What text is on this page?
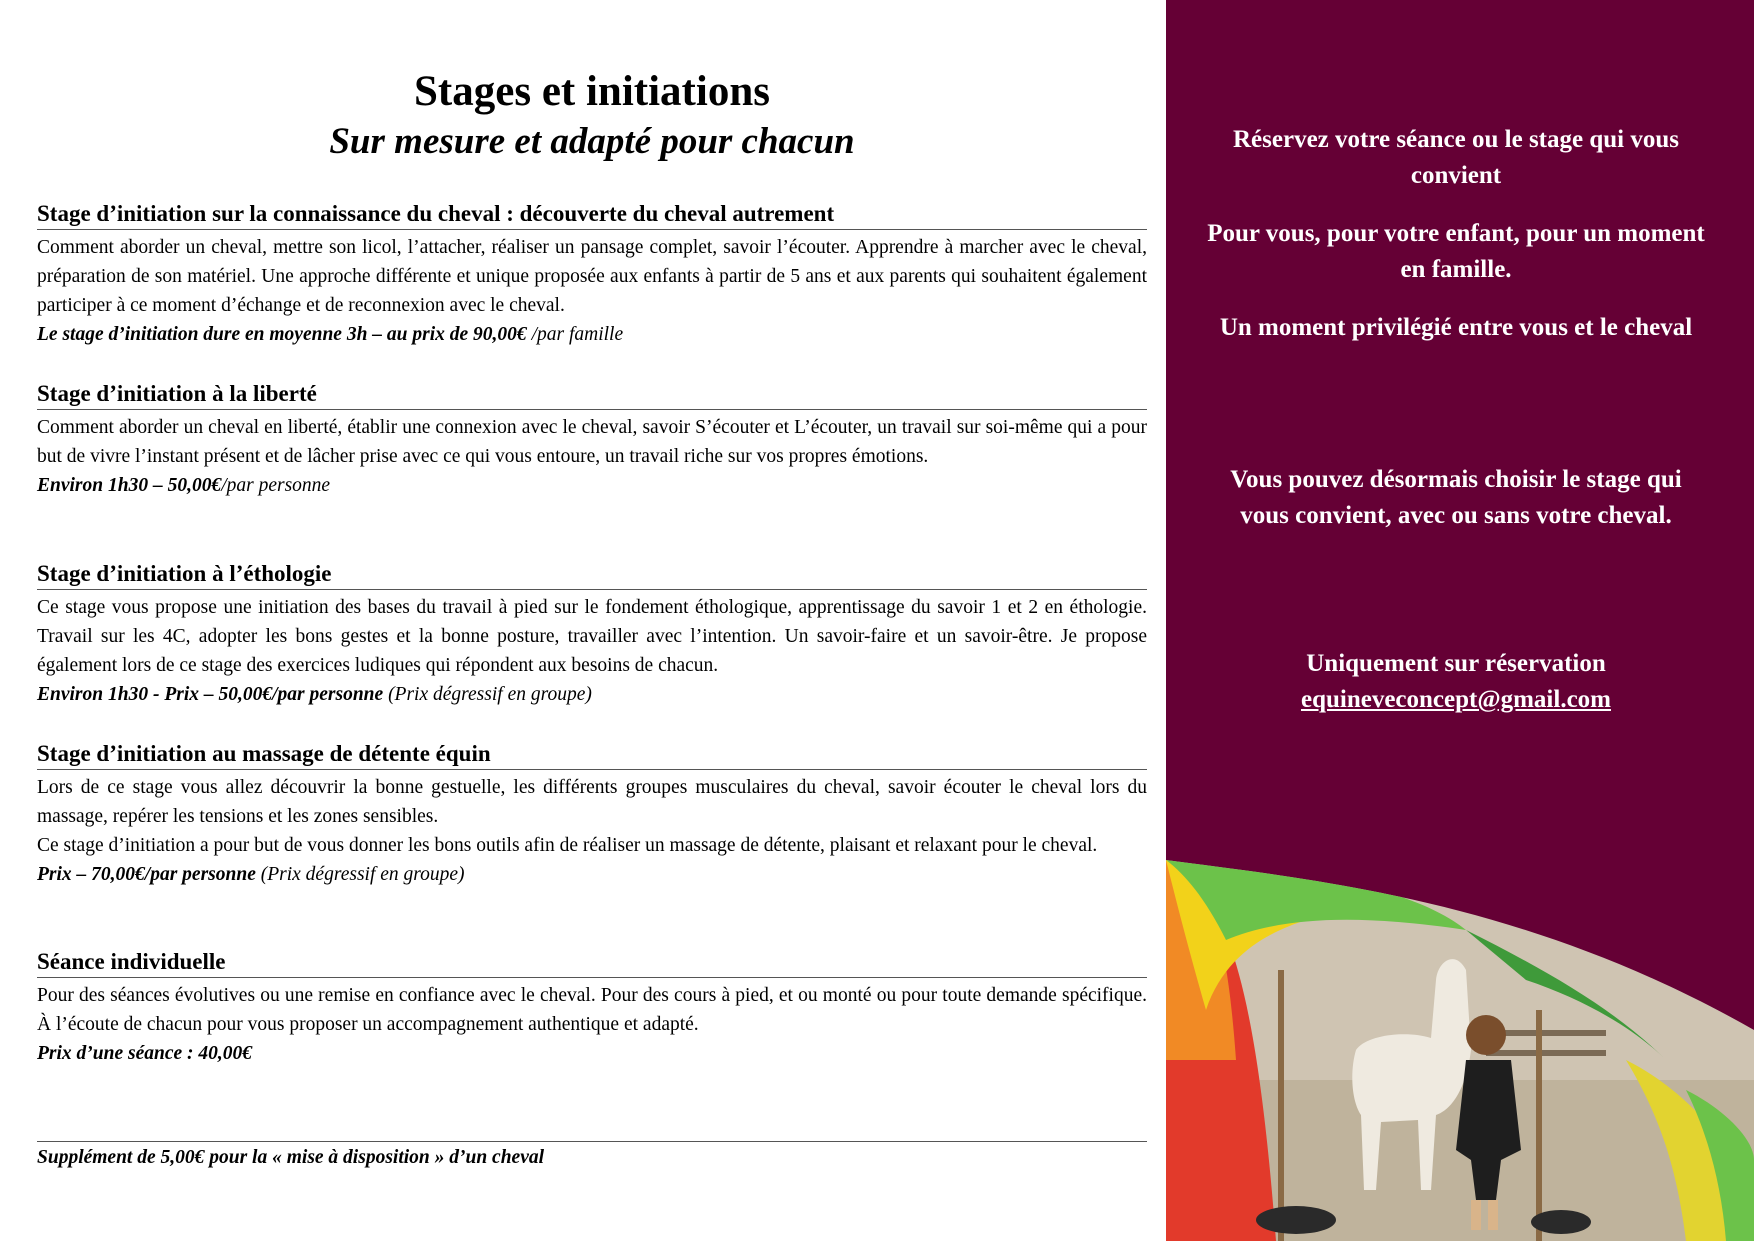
Stages et initiations
Sur mesure et adapté pour chacun
Stage d’initiation sur la connaissance du cheval : découverte du cheval autrement

Comment aborder un cheval, mettre son licol, l’attacher, réaliser un pansage complet, savoir l’écouter. Apprendre à marcher avec le cheval, préparation de son matériel. Une approche différente et unique proposée aux enfants à partir de 5 ans et aux parents qui souhaitent également participer à ce moment d’échange et de reconnexion avec le cheval.

Le stage d’initiation dure en moyenne 3h – au prix de 90,00€ /par famille

Stage d’initiation à la liberté

Comment aborder un cheval en liberté, établir une connexion avec le cheval, savoir S’écouter et L’écouter, un travail sur soi-même qui a pour but de vivre l’instant présent et de lâcher prise avec ce qui vous entoure, un travail riche sur vos propres émotions.

Environ 1h30 – 50,00€/par personne

Stage d’initiation à l’éthologie

Ce stage vous propose une initiation des bases du travail à pied sur le fondement éthologique, apprentissage du savoir 1 et 2 en éthologie. Travail sur les 4C, adopter les bons gestes et la bonne posture, travailler avec l’intention. Un savoir-faire et un savoir-être. Je propose également lors de ce stage des exercices ludiques qui répondent aux besoins de chacun.

Environ 1h30 - Prix – 50,00€/par personne (Prix dégressif en groupe)

Stage d’initiation au massage de détente équin

Lors de ce stage vous allez découvrir la bonne gestuelle, les différents groupes musculaires du cheval, savoir écouter le cheval lors du massage, repérer les tensions et les zones sensibles.

Ce stage d’initiation a pour but de vous donner les bons outils afin de réaliser un massage de détente, plaisant et relaxant pour le cheval.

Prix – 70,00€/par personne (Prix dégressif en groupe)

Séance individuelle

Pour des séances évolutives ou une remise en confiance avec le cheval. Pour des cours à pied, et ou monté ou pour toute demande spécifique. À l’écoute de chacun pour vous proposer un accompagnement authentique et adapté.

Prix d’une séance : 40,00€

Supplément de 5,00€ pour la « mise à disposition » d’un cheval
Réservez votre séance ou le stage qui vous convient
Pour vous, pour votre enfant, pour un moment en famille.
Un moment privilégié entre vous et le cheval
Vous pouvez désormais choisir le stage qui vous convient, avec ou sans votre cheval.
Uniquement sur réservation
equineveconcept@gmail.com
